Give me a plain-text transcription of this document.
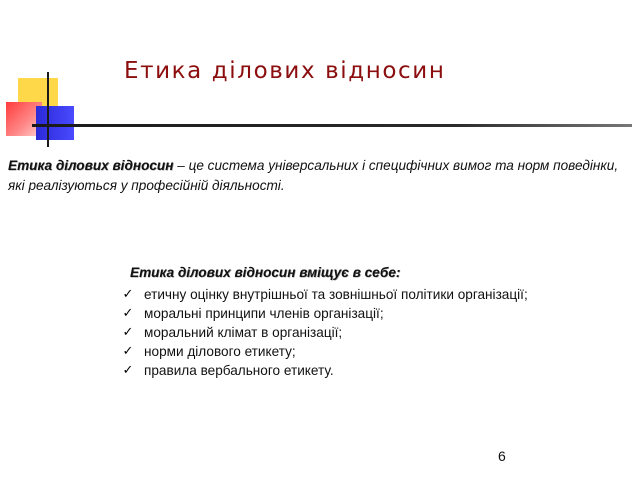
Етика ділових відносин

Етика ділових відносин – це система універсальних і специфічних вимог та норм поведінки, які реалізуються у професійній діяльності.

Етика ділових відносин вміщує в себе:

✓ етичну оцінку внутрішньої та зовнішньої політики організації;
✓ моральні принципи членів організації;
✓ моральний клімат в організації;
✓ норми ділового етикету;
✓ правила вербального етикету.
6
